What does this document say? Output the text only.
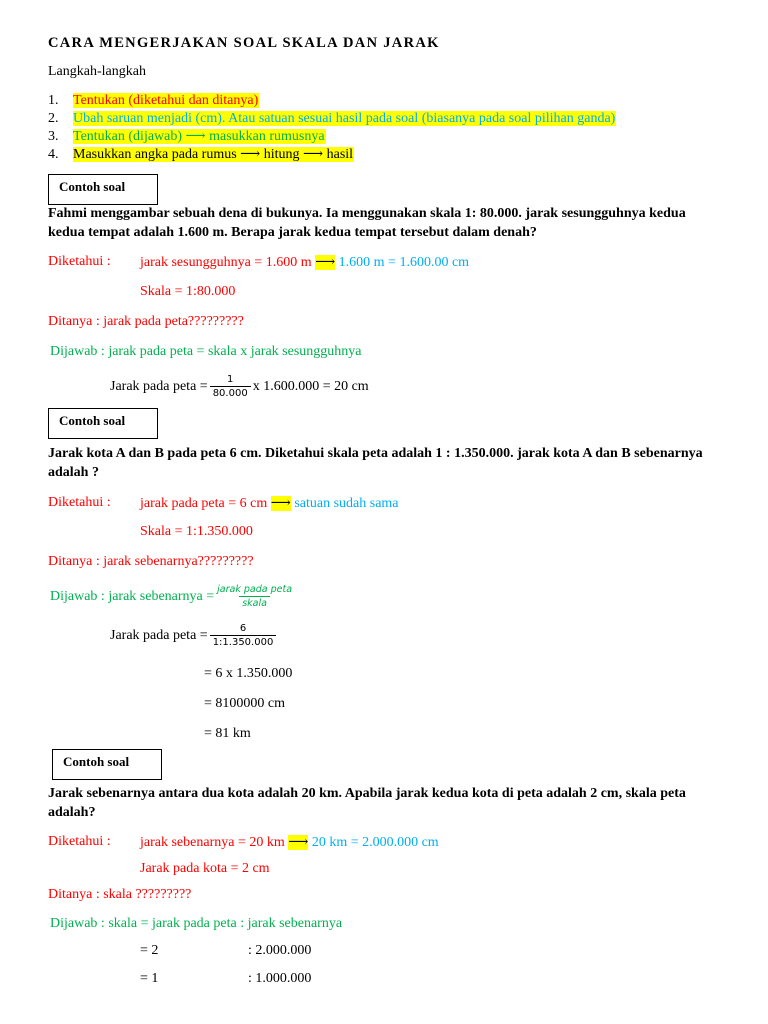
CARA MENGERJAKAN SOAL SKALA DAN JARAK
Langkah-langkah
1. Tentukan (diketahui dan ditanya)
2. Ubah saruan menjadi (cm). Atau satuan sesuai hasil pada soal (biasanya pada soal pilihan ganda)
3. Tentukan (dijawab) ⟶ masukkan rumusnya
4. Masukkan angka pada rumus ⟶ hitung ⟶ hasil
Contoh soal
Fahmi menggambar sebuah dena di bukunya. Ia menggunakan skala 1: 80.000. jarak sesungguhnya kedua
kedua tempat adalah 1.600 m. Berapa jarak kedua tempat tersebut dalam denah?
Diketahui : jarak sesungguhnya = 1.600 m ⟶ 1.600 m = 1.600.00 cm
Skala = 1:80.000
Ditanya : jarak pada peta?????????
Dijawab : jarak pada peta = skala x jarak sesungguhnya
Jarak pada peta = $\frac{1}{80.000}$ x 1.600.000 = 20 cm
Contoh soal
Jarak kota A dan B pada peta 6 cm. Diketahui skala peta adalah 1 : 1.350.000. jarak kota A dan B sebenarnya
adalah ?
Diketahui : jarak pada peta = 6 cm ⟶ satuan sudah sama
Skala = 1:1.350.000
Ditanya : jarak sebenarnya?????????
Dijawab : jarak sebenarnya = $\frac{\text{jarak pada peta}}{\text{skala}}$
Jarak pada peta = $\frac{6}{1:1.350.000}$
= 6 x 1.350.000
= 8100000 cm
= 81 km
Contoh soal
Jarak sebenarnya antara dua kota adalah 20 km. Apabila jarak kedua kota di peta adalah 2 cm, skala peta
adalah?
Diketahui : jarak sebenarnya = 20 km ⟶ 20 km = 2.000.000 cm
Jarak pada kota = 2 cm
Ditanya : skala ?????????
Dijawab : skala = jarak pada peta : jarak sebenarnya
= 2	: 2.000.000
= 1	: 1.000.000
